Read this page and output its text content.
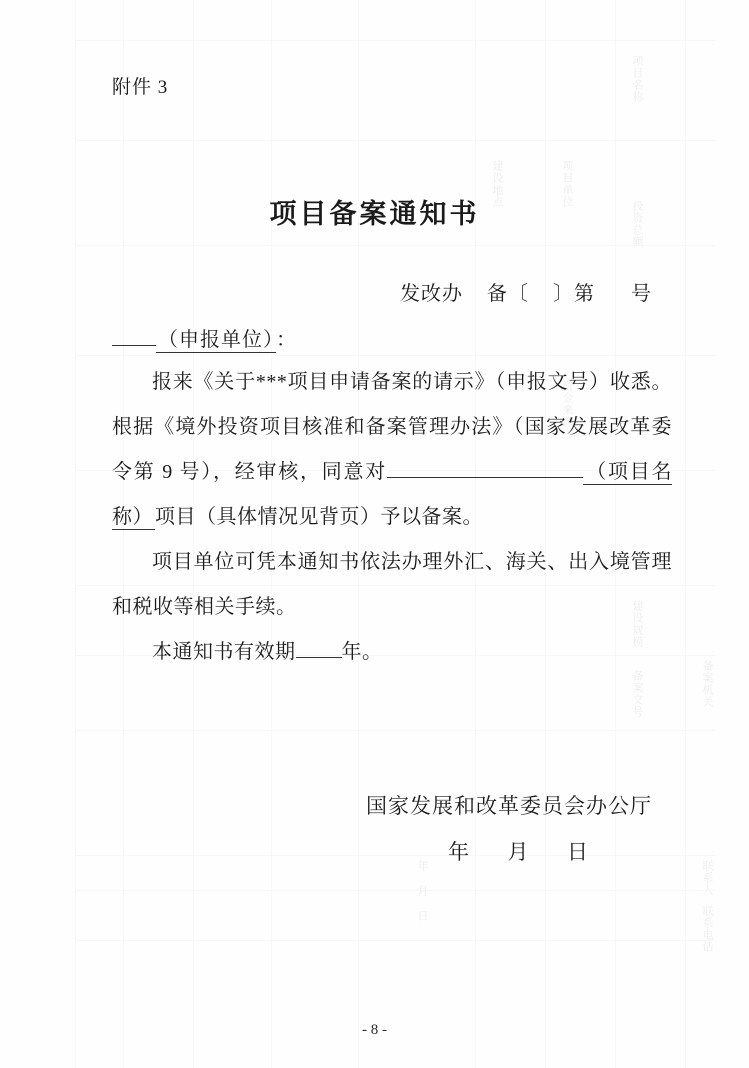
项目名称
项目单位
建设地点
投资总额
资金来源
建设规模
备案机关
备案文号
联系人
联系电话
年 月 日
附件 3
项目备案通知书
发改办    备〔    〕第      号
（申报单位） ：

报来《关于***项目申请备案的请示》（申报文号）收悉。根据《境外投资项目核准和备案管理办法》（国家发展改革委令第 9 号），经审核，同意对	（项目名称） 项目（具体情况见背页）予以备案。

项目单位可凭本通知书依法办理外汇、海关、出入境管理和税收等相关手续。

本通知书有效期 年。

国家发展和改革委员会办公厅
年      月      日
- 8 -
